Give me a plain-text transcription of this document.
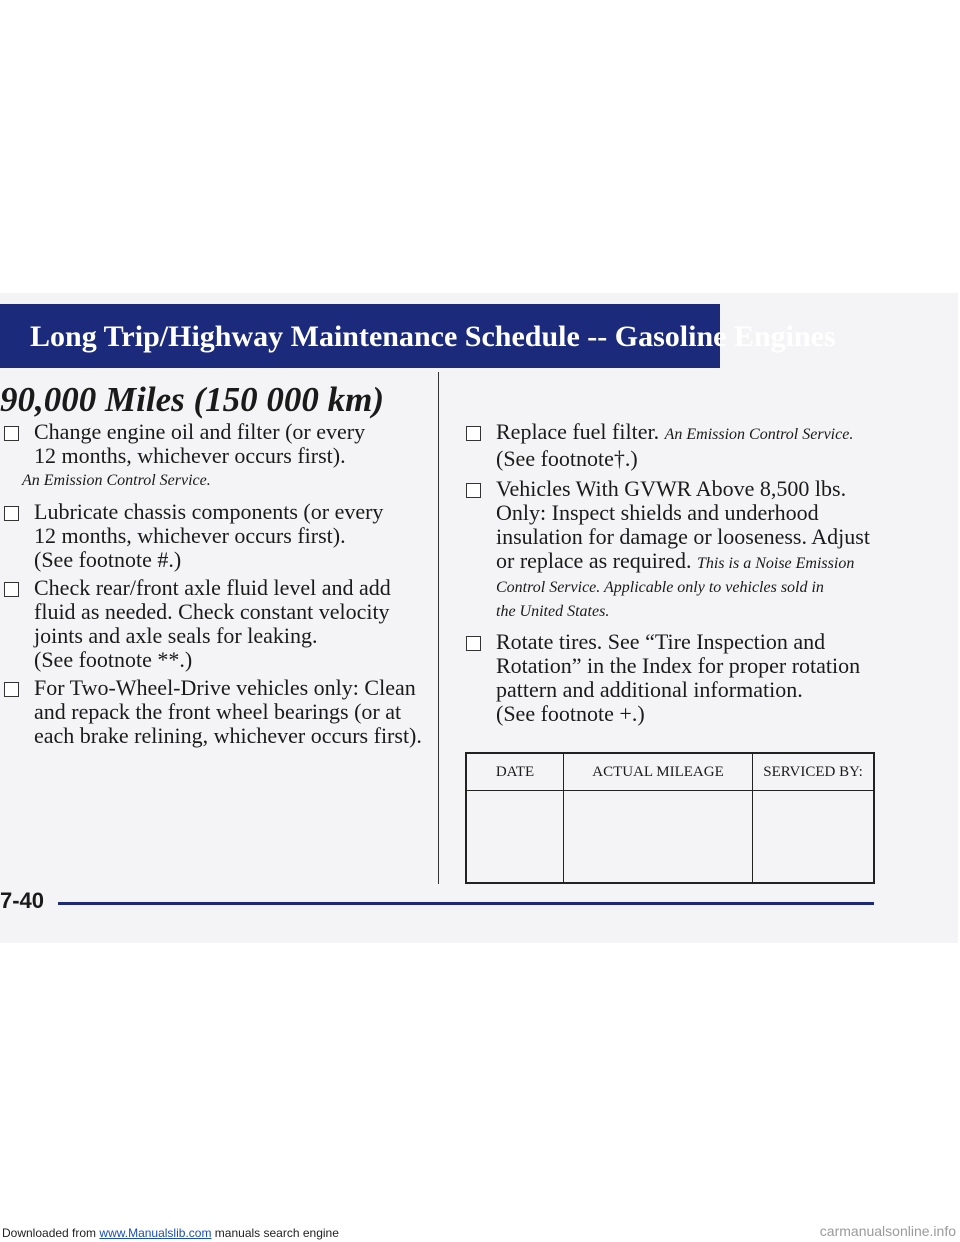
Long Trip/Highway Maintenance Schedule -- Gasoline Engines
90,000 Miles (150 000 km)
Change engine oil and filter (or every
12 months, whichever occurs first).
An Emission Control Service.
Lubricate chassis components (or every
12 months, whichever occurs first).
(See footnote #.)
Check rear/front axle fluid level and add
fluid as needed. Check constant velocity
joints and axle seals for leaking.
(See footnote **.)
For Two-Wheel-Drive vehicles only: Clean
and repack the front wheel bearings (or at
each brake relining, whichever occurs first).
Replace fuel filter. An Emission Control Service.
(See footnote†.)
Vehicles With GVWR Above 8,500 lbs.
Only: Inspect shields and underhood
insulation for damage or looseness. Adjust
or replace as required. This is a Noise Emission
Control Service. Applicable only to vehicles sold in
the United States.
Rotate tires. See “Tire Inspection and
Rotation” in the Index for proper rotation
pattern and additional information.
(See footnote +.)
DATE	ACTUAL MILEAGE	SERVICED BY:

7-40
Downloaded from www.Manualslib.com manuals search engine	carmanualsonline.info
